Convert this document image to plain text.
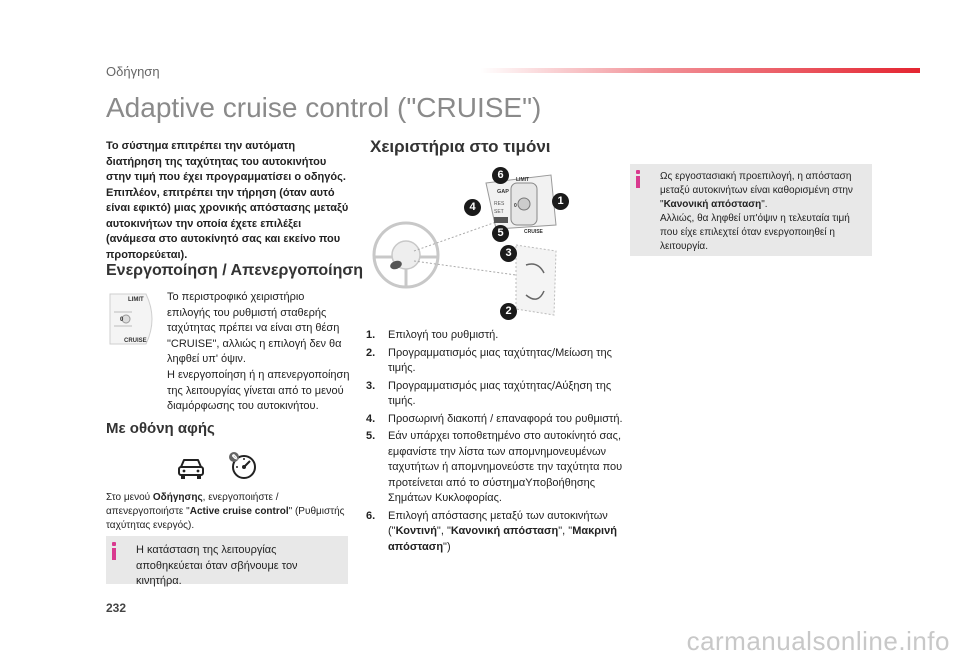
Οδήγηση
Adaptive cruise control ("CRUISE")

Το σύστημα επιτρέπει την αυτόματη διατήρηση της ταχύτητας του αυτοκινήτου στην τιμή που έχει προγραμματίσει ο οδηγός. Επιπλέον, επιτρέπει την τήρηση (όταν αυτό είναι εφικτό) μιας χρονικής απόστασης μεταξύ αυτοκινήτων την οποία έχετε επιλέξει (ανάμεσα στο αυτοκίνητό σας και εκείνο που προπορεύεται).

Ενεργοποίηση / Απενεργοποίηση
LIMIT
0
CRUISE

Το περιστροφικό χειριστήριο επιλογής του ρυθμιστή σταθερής ταχύτητας πρέπει να είναι στη θέση "CRUISE", αλλιώς η επιλογή δεν θα ληφθεί υπ' όψιν.

Η ενεργοποίηση ή η απενεργοποίηση της λειτουργίας γίνεται από το μενού διαμόρφωσης του αυτοκινήτου.

Με οθόνη αφής
✎

Στο μενού Οδήγησης, ενεργοποιήστε / απενεργοποιήστε "Active cruise control" (Ρυθμιστής ταχύτητας ενεργός).

Η κατάσταση της λειτουργίας αποθηκεύεται όταν σβήνουμε τον κινητήρα.

Χειριστήρια στο τιμόνι
GAP
RES
SET
LIMIT
0
CRUISE
6
4	1
5
3
2
1. Επιλογή του ρυθμιστή.
2. Προγραμματισμός μιας ταχύτητας/Μείωση της τιμής.
3. Προγραμματισμός μιας ταχύτητας/Αύξηση της τιμής.
4. Προσωρινή διακοπή / επαναφορά του ρυθμιστή.
5. Εάν υπάρχει τοποθετημένο στο αυτοκίνητό σας, εμφανίστε την λίστα των απομνημονευμένων ταχυτήτων ή απομνημονεύστε την ταχύτητα που προτείνεται από το σύστημαΥποβοήθησης Σημάτων Κυκλοφορίας.
6. Επιλογή απόστασης μεταξύ των αυτοκινήτων ("Κοντινή", "Κανονική απόσταση", "Μακρινή απόσταση")

Ως εργοστασιακή προεπιλογή, η απόσταση μεταξύ αυτοκινήτων είναι καθορισμένη στην "Κανονική απόσταση".
Αλλιώς, θα ληφθεί υπ'όψιν η τελευταία τιμή που είχε επιλεχτεί όταν ενεργοποιηθεί η λειτουργία.

232
carmanualsonline.info
